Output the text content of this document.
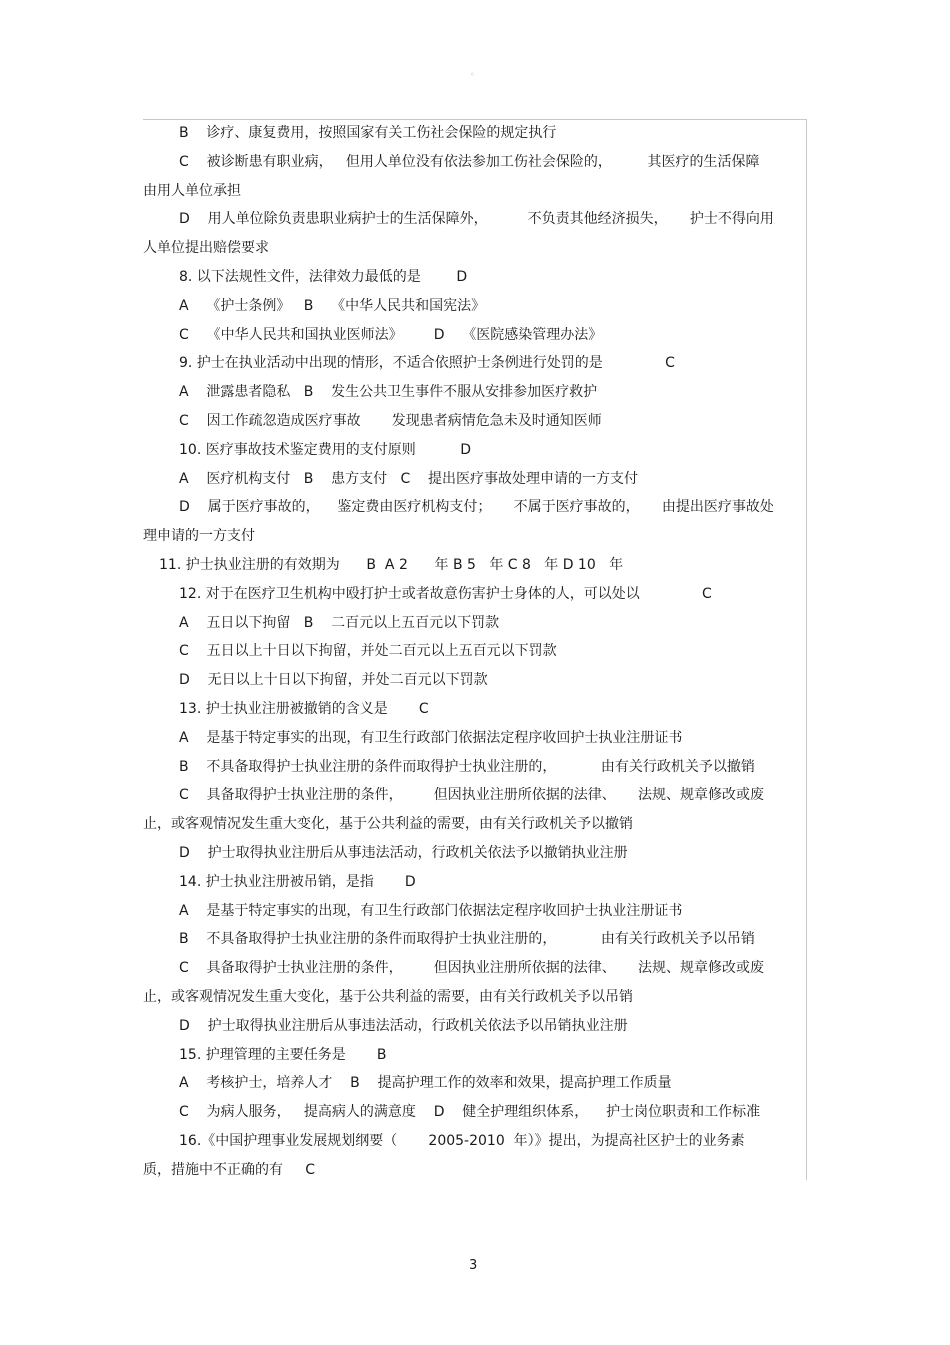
◦
B    诊疗、康复费用，按照国家有关工伤社会保险的规定执行
C    被诊断患有职业病，   但用人单位没有依法参加工伤社会保险的，        其医疗的生活保障
由用人单位承担
D    用人单位除负责患职业病护士的生活保障外，         不负责其他经济损失，     护士不得向用
人单位提出赔偿要求
8. 以下法规性文件，法律效力最低的是        D
A    《护士条例》   B    《中华人民共和国宪法》
C    《中华人民共和国执业医师法》       D    《医院感染管理办法》
9. 护士在执业活动中出现的情形，不适合依照护士条例进行处罚的是              C
A    泄露患者隐私   B    发生公共卫生事件不服从安排参加医疗救护
C    因工作疏忽造成医疗事故       发现患者病情危急未及时通知医师
10. 医疗事故技术鉴定费用的支付原则          D
A    医疗机构支付   B    患方支付   C    提出医疗事故处理申请的一方支付
D    属于医疗事故的，    鉴定费由医疗机构支付；     不属于医疗事故的，     由提出医疗事故处
理申请的一方支付
11. 护士执业注册的有效期为      B  A 2      年 B 5   年 C 8   年 D 10   年
12. 对于在医疗卫生机构中殴打护士或者故意伤害护士身体的人，可以处以              C
A    五日以下拘留   B    二百元以上五百元以下罚款
C    五日以上十日以下拘留，并处二百元以上五百元以下罚款
D    无日以上十日以下拘留，并处二百元以下罚款
13. 护士执业注册被撤销的含义是       C
A    是基于特定事实的出现，有卫生行政部门依据法定程序收回护士执业注册证书
B    不具备取得护士执业注册的条件而取得护士执业注册的，          由有关行政机关予以撤销
C    具备取得护士执业注册的条件，       但因执业注册所依据的法律、     法规、规章修改或废
止，或客观情况发生重大变化，基于公共利益的需要，由有关行政机关予以撤销
D    护士取得执业注册后从事违法活动，行政机关依法予以撤销执业注册
14. 护士执业注册被吊销，是指       D
A    是基于特定事实的出现，有卫生行政部门依据法定程序收回护士执业注册证书
B    不具备取得护士执业注册的条件而取得护士执业注册的，          由有关行政机关予以吊销
C    具备取得护士执业注册的条件，       但因执业注册所依据的法律、     法规、规章修改或废
止，或客观情况发生重大变化，基于公共利益的需要，由有关行政机关予以吊销
D    护士取得执业注册后从事违法活动，行政机关依法予以吊销执业注册
15. 护理管理的主要任务是       B
A    考核护士，培养人才    B    提高护理工作的效率和效果，提高护理工作质量
C    为病人服务，   提高病人的满意度    D    健全护理组织体系，    护士岗位职责和工作标准
16.《中国护理事业发展规划纲要（       2005-2010  年）》提出，为提高社区护士的业务素
质，措施中不正确的有     C
3
